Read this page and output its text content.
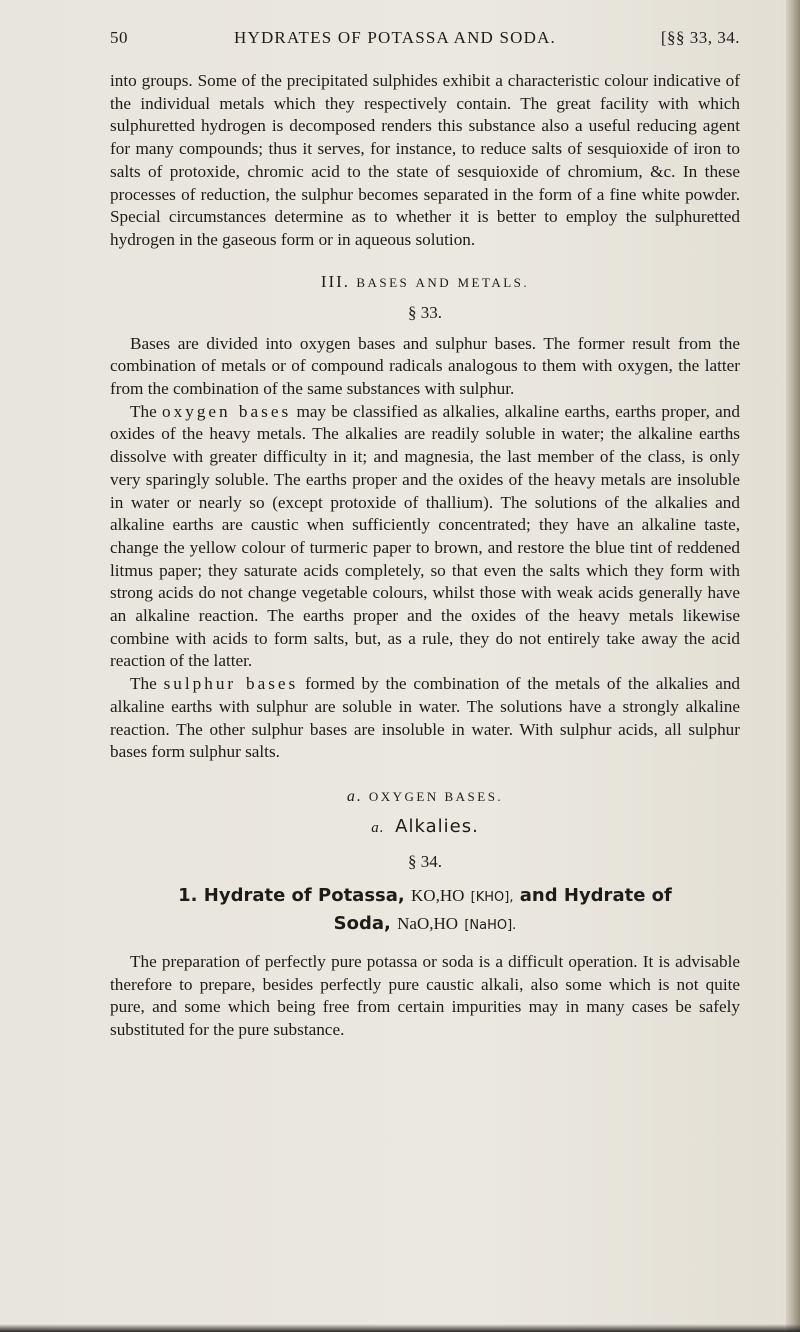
50	HYDRATES OF POTASSA AND SODA.	[§§ 33, 34.

into groups. Some of the precipitated sulphides exhibit a characteristic colour indicative of the individual metals which they respectively contain. The great facility with which sulphuretted hydrogen is decomposed renders this substance also a useful reducing agent for many compounds; thus it serves, for instance, to reduce salts of sesquioxide of iron to salts of protoxide, chromic acid to the state of sesquioxide of chromium, &c. In these processes of reduction, the sulphur becomes separated in the form of a fine white powder. Special circumstances determine as to whether it is better to employ the sulphuretted hydrogen in the gaseous form or in aqueous solution.

III. BASES AND METALS.
§ 33.

Bases are divided into oxygen bases and sulphur bases. The former result from the combination of metals or of compound radicals analogous to them with oxygen, the latter from the combination of the same substances with sulphur.

The oxygen bases may be classified as alkalies, alkaline earths, earths proper, and oxides of the heavy metals. The alkalies are readily soluble in water; the alkaline earths dissolve with greater difficulty in it; and magnesia, the last member of the class, is only very sparingly soluble. The earths proper and the oxides of the heavy metals are insoluble in water or nearly so (except protoxide of thallium). The solutions of the alkalies and alkaline earths are caustic when sufficiently concentrated; they have an alkaline taste, change the yellow colour of turmeric paper to brown, and restore the blue tint of reddened litmus paper; they saturate acids completely, so that even the salts which they form with strong acids do not change vegetable colours, whilst those with weak acids generally have an alkaline reaction. The earths proper and the oxides of the heavy metals likewise combine with acids to form salts, but, as a rule, they do not entirely take away the acid reaction of the latter.

The sulphur bases formed by the combination of the metals of the alkalies and alkaline earths with sulphur are soluble in water. The solutions have a strongly alkaline reaction. The other sulphur bases are insoluble in water. With sulphur acids, all sulphur bases form sulphur salts.

a. OXYGEN BASES.
a. Alkalies.
§ 34.
1. Hydrate of Potassa, KO,HO [KHO], and Hydrate of
Soda, NaO,HO [NaHO].

The preparation of perfectly pure potassa or soda is a difficult operation. It is advisable therefore to prepare, besides perfectly pure caustic alkali, also some which is not quite pure, and some which being free from certain impurities may in many cases be safely substituted for the pure substance.
